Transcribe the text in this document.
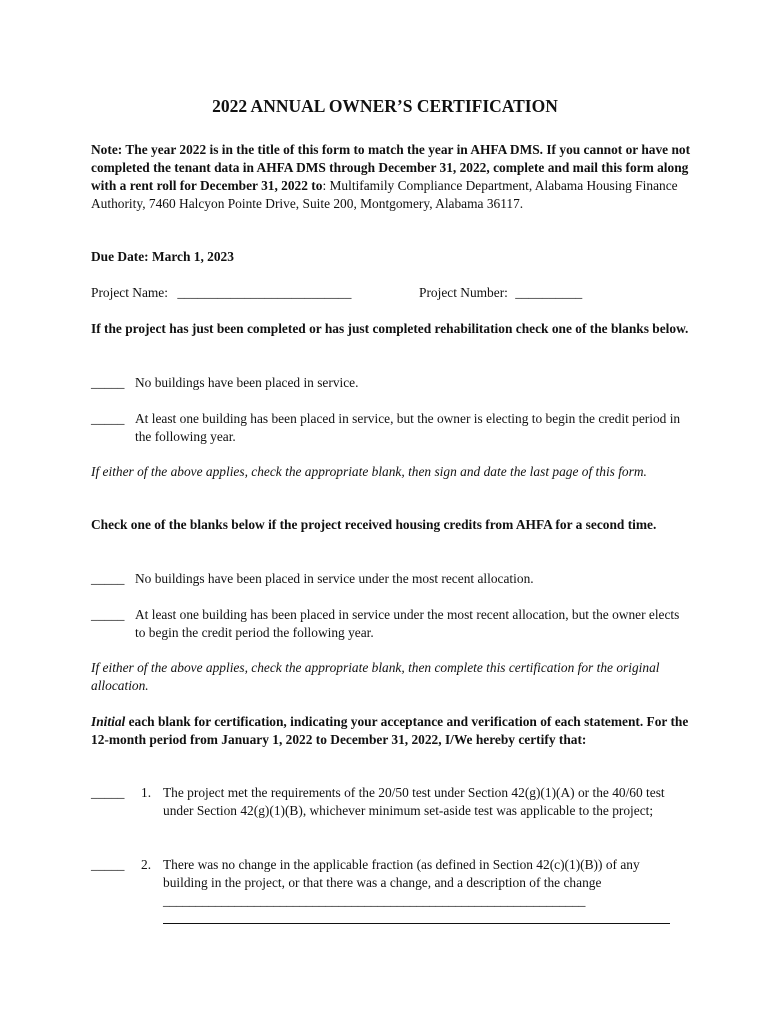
2022 ANNUAL OWNER’S CERTIFICATION
Note: The year 2022 is in the title of this form to match the year in AHFA DMS. If you cannot or have not completed the tenant data in AHFA DMS through December 31, 2022, complete and mail this form along with a rent roll for December 31, 2022 to: Multifamily Compliance Department, Alabama Housing Finance Authority, 7460 Halcyon Pointe Drive, Suite 200, Montgomery, Alabama 36117.
Due Date: March 1, 2023
Project Name: __________________________	Project Number: __________
If the project has just been completed or has just completed rehabilitation check one of the blanks below.
_____ No buildings have been placed in service.
_____ At least one building has been placed in service, but the owner is electing to begin the credit period in the following year.
If either of the above applies, check the appropriate blank, then sign and date the last page of this form.
Check one of the blanks below if the project received housing credits from AHFA for a second time.
_____ No buildings have been placed in service under the most recent allocation.
_____ At least one building has been placed in service under the most recent allocation, but the owner elects to begin the credit period the following year.
If either of the above applies, check the appropriate blank, then complete this certification for the original allocation.
Initial each blank for certification, indicating your acceptance and verification of each statement. For the 12-month period from January 1, 2022 to December 31, 2022, I/We hereby certify that:
_____ 1. The project met the requirements of the 20/50 test under Section 42(g)(1)(A) or the 40/60 test under Section 42(g)(1)(B), whichever minimum set-aside test was applicable to the project;
_____ 2. There was no change in the applicable fraction (as defined in Section 42(c)(1)(B)) of any building in the project, or that there was a change, and a description of the change _________________________________________________________________
